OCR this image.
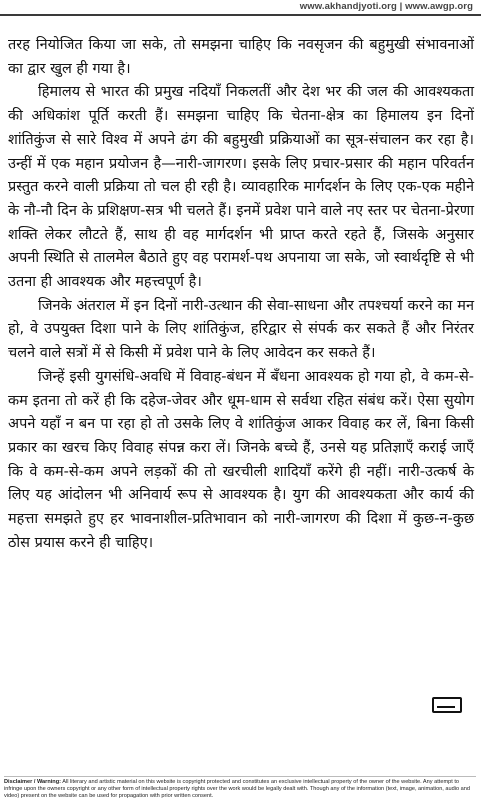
www.akhandjyoti.org | www.awgp.org

तरह नियोजित किया जा सके, तो समझना चाहिए कि नवसृजन की बहुमुखी संभावनाओं का द्वार खुल ही गया है।

हिमालय से भारत की प्रमुख नदियाँ निकलतीं और देश भर की जल की आवश्यकता की अधिकांश पूर्ति करती हैं। समझना चाहिए कि चेतना-क्षेत्र का हिमालय इन दिनों शांतिकुंज से सारे विश्व में अपने ढंग की बहुमुखी प्रक्रियाओं का सूत्र-संचालन कर रहा है। उन्हीं में एक महान प्रयोजन है—नारी-जागरण। इसके लिए प्रचार-प्रसार की महान परिवर्तन प्रस्तुत करने वाली प्रक्रिया तो चल ही रही है। व्यावहारिक मार्गदर्शन के लिए एक-एक महीने के नौ-नौ दिन के प्रशिक्षण-सत्र भी चलते हैं। इनमें प्रवेश पाने वाले नए स्तर पर चेतना-प्रेरणा शक्ति लेकर लौटते हैं, साथ ही वह मार्गदर्शन भी प्राप्त करते रहते हैं, जिसके अनुसार अपनी स्थिति से तालमेल बैठाते हुए वह परामर्श-पथ अपनाया जा सके, जो स्वार्थदृष्टि से भी उतना ही आवश्यक और महत्त्वपूर्ण है।

जिनके अंतराल में इन दिनों नारी-उत्थान की सेवा-साधना और तपश्चर्या करने का मन हो, वे उपयुक्त दिशा पाने के लिए शांतिकुंज, हरिद्वार से संपर्क कर सकते हैं और निरंतर चलने वाले सत्रों में से किसी में प्रवेश पाने के लिए आवेदन कर सकते हैं।

जिन्हें इसी युगसंधि-अवधि में विवाह-बंधन में बँधना आवश्यक हो गया हो, वे कम-से-कम इतना तो करें ही कि दहेज-जेवर और धूम-धाम से सर्वथा रहित संबंध करें। ऐसा सुयोग अपने यहाँ न बन पा रहा हो तो उसके लिए वे शांतिकुंज आकर विवाह कर लें, बिना किसी प्रकार का खरच किए विवाह संपन्न करा लें। जिनके बच्चे हैं, उनसे यह प्रतिज्ञाएँ कराई जाएँ कि वे कम-से-कम अपने लड़कों की तो खरचीली शादियाँ करेंगे ही नहीं। नारी-उत्कर्ष के लिए यह आंदोलन भी अनिवार्य रूप से आवश्यक है। युग की आवश्यकता और कार्य की महत्ता समझते हुए हर भावनाशील-प्रतिभावान को नारी-जागरण की दिशा में कुछ-न-कुछ ठोस प्रयास करने ही चाहिए।

Disclaimer / Warning: All literary and artistic material on this website is copyright protected and constitutes an exclusive intellectual property of the owner of the website. Any attempt to infringe upon the owners copyright or any other form of intellectual property rights over the work would be legally dealt with. Though any of the information (text, image, animation, audio and video) present on the website can be used for propagation with prior written consent.
